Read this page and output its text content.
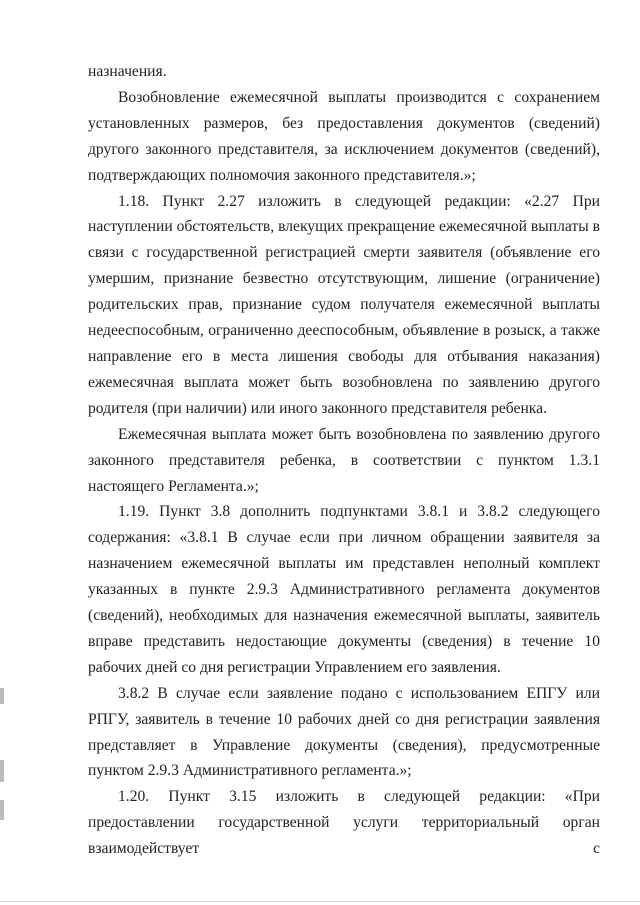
назначения.

Возобновление ежемесячной выплаты производится с сохранением установленных размеров, без предоставления документов (сведений) другого законного представителя, за исключением документов (сведений), подтверждающих полномочия законного представителя.»;

1.18. Пункт 2.27 изложить в следующей редакции: «2.27 При наступлении обстоятельств, влекущих прекращение ежемесячной выплаты в связи с государственной регистрацией смерти заявителя (объявление его умершим, признание безвестно отсутствующим, лишение (ограничение) родительских прав, признание судом получателя ежемесячной выплаты недееспособным, ограниченно дееспособным, объявление в розыск, а также направление его в места лишения свободы для отбывания наказания) ежемесячная выплата может быть возобновлена по заявлению другого родителя (при наличии) или иного законного представителя ребенка.

Ежемесячная выплата может быть возобновлена по заявлению другого законного представителя ребенка, в соответствии с пунктом 1.3.1 настоящего Регламента.»;

1.19. Пункт 3.8 дополнить подпунктами 3.8.1 и 3.8.2 следующего содержания: «3.8.1 В случае если при личном обращении заявителя за назначением ежемесячной выплаты им представлен неполный комплект указанных в пункте 2.9.3 Административного регламента документов (сведений), необходимых для назначения ежемесячной выплаты, заявитель вправе представить недостающие документы (сведения) в течение 10 рабочих дней со дня регистрации Управлением его заявления.

3.8.2 В случае если заявление подано с использованием ЕПГУ или РПГУ, заявитель в течение 10 рабочих дней со дня регистрации заявления представляет в Управление документы (сведения), предусмотренные пунктом 2.9.3 Административного регламента.»;

1.20. Пункт 3.15 изложить в следующей редакции: «При предоставлении государственной услуги территориальный орган взаимодействует с
